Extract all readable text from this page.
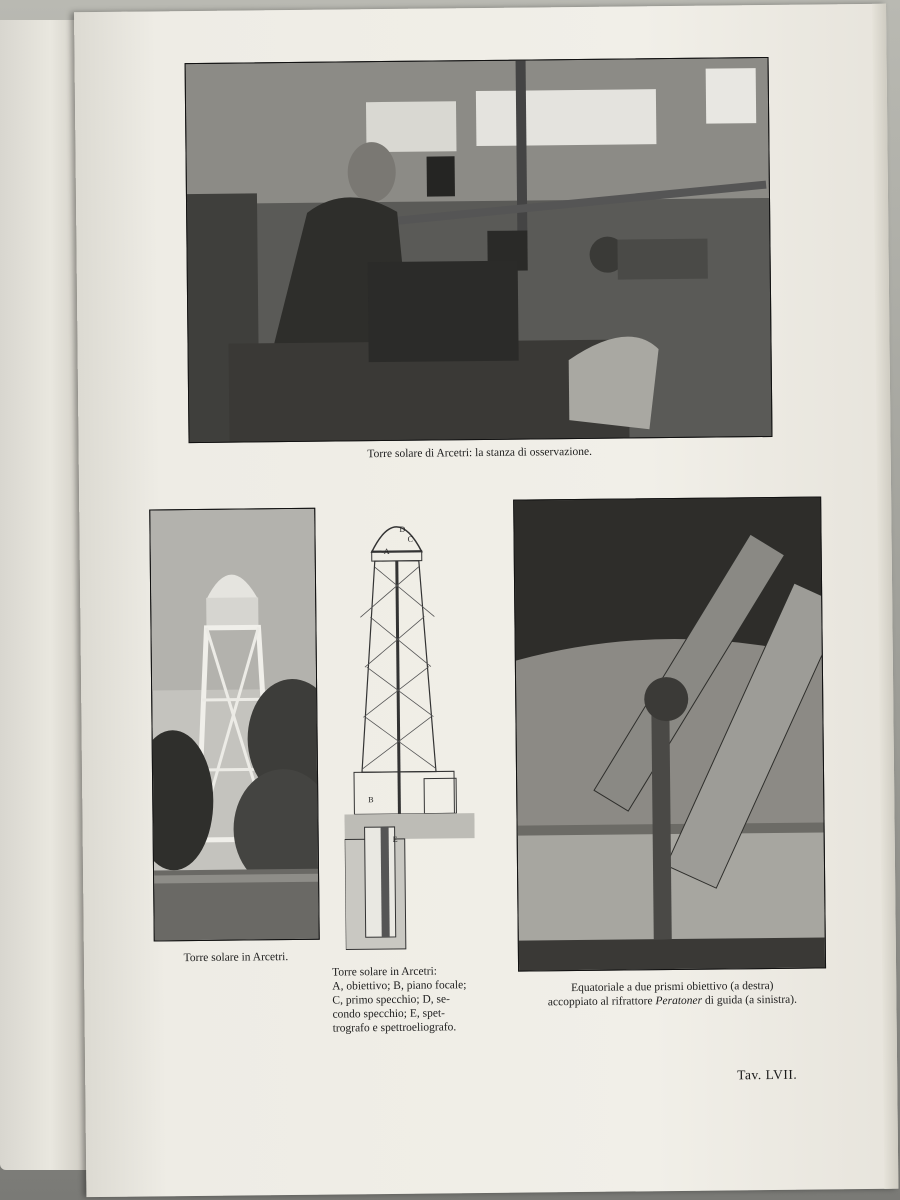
Torre solare di Arcetri: la stanza di osservazione.
Torre solare in Arcetri.
D
C
B
A
E
Torre solare in Arcetri:
A, obiettivo; B, piano focale;
C, primo specchio; D, se-
condo specchio; E, spet-
trografo e spettroeliografo.
Equatoriale a due prismi obiettivo (a destra)
accoppiato al rifrattore Peratoner di guida (a sinistra).
Tav. LVII.
